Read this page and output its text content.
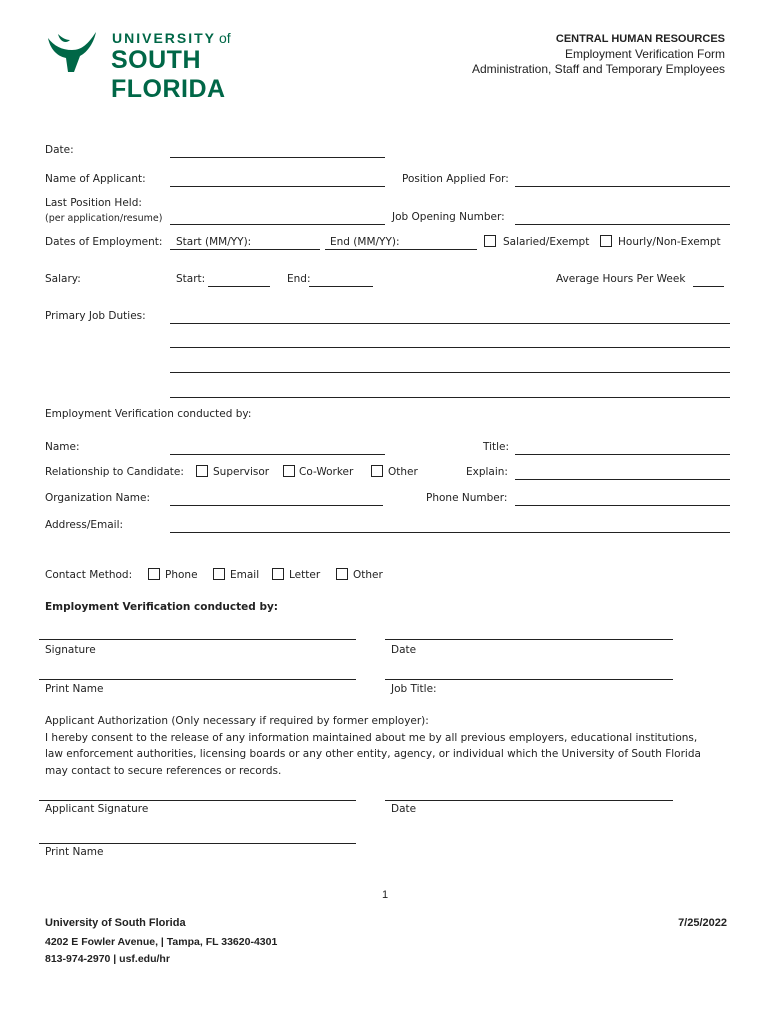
UNIVERSITY of
SOUTH FLORIDA
CENTRAL HUMAN RESOURCES
Employment Verification Form
Administration, Staff and Temporary Employees
Date:
Name of Applicant:	Position Applied For:
Last Position Held:
(per application/resume)	Job Opening Number:
Dates of Employment: Start (MM/YY):	End (MM/YY):	Salaried/Exempt	Hourly/Non-Exempt
Salary:	Start:	End:	Average Hours Per Week
Primary Job Duties:
Employment Verification conducted by:
Name:	Title:
Relationship to Candidate:	Supervisor	Co-Worker	Other	Explain:
Organization Name:	Phone Number:
Address/Email:
Contact Method:	Phone	Email	Letter	Other
Employment Verification conducted by:
Signature	Date
Print Name	Job Title:
Applicant Authorization (Only necessary if required by former employer):
I hereby consent to the release of any information maintained about me by all previous employers, educational institutions,
law enforcement authorities, licensing boards or any other entity, agency, or individual which the University of South Florida
may contact to secure references or records.
Applicant Signature	Date
Print Name
1
University of South Florida
4202 E Fowler Avenue, | Tampa, FL 33620-4301
813-974-2970 | usf.edu/hr
7/25/2022
